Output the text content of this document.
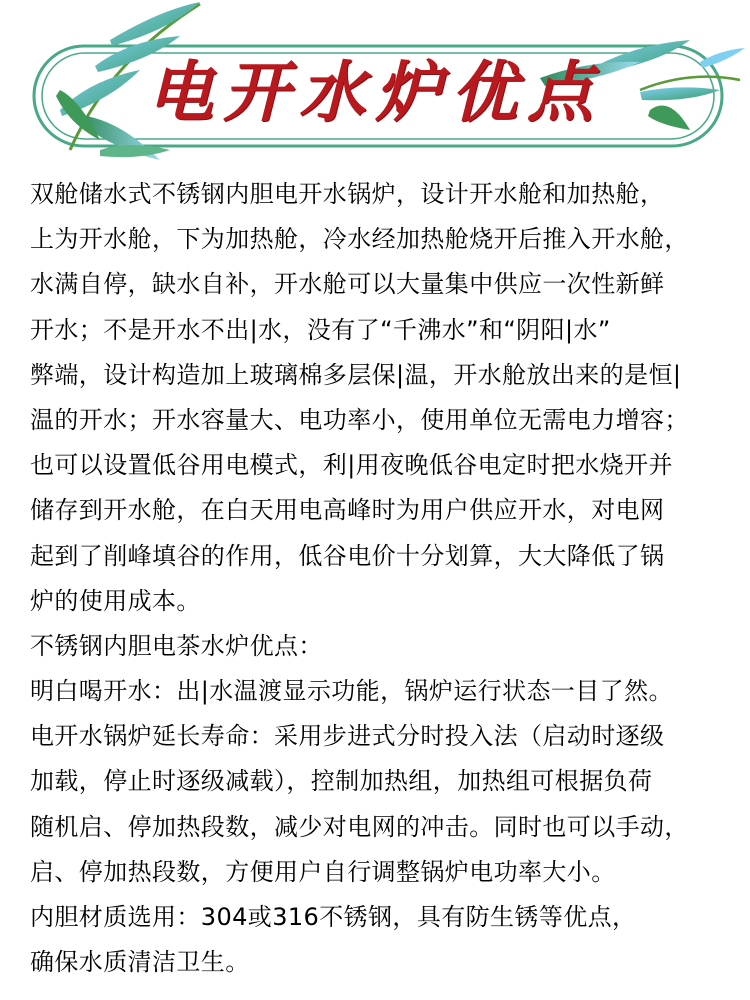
电开水炉优点
双舱储水式不锈钢内胆电开水锅炉，设计开水舱和加热舱，
上为开水舱，下为加热舱，冷水经加热舱烧开后推入开水舱，
水满自停，缺水自补，开水舱可以大量集中供应一次性新鲜
开水；不是开水不出|水，没有了“千沸水”和“阴阳|水”
弊端，设计构造加上玻璃棉多层保|温，开水舱放出来的是恒|
温的开水；开水容量大、电功率小，使用单位无需电力增容；
也可以设置低谷用电模式，利|用夜晚低谷电定时把水烧开并
储存到开水舱，在白天用电高峰时为用户供应开水，对电网
起到了削峰填谷的作用，低谷电价十分划算，大大降低了锅
炉的使用成本。
不锈钢内胆电茶水炉优点：
明白喝开水：出|水温渡显示功能，锅炉运行状态一目了然。
电开水锅炉延长寿命：采用步进式分时投入法（启动时逐级
加载，停止时逐级减载），控制加热组，加热组可根据负荷
随机启、停加热段数，减少对电网的冲击。同时也可以手动，
启、停加热段数，方便用户自行调整锅炉电功率大小。
内胆材质选用：304或316不锈钢，具有防生锈等优点，
确保水质清洁卫生。
